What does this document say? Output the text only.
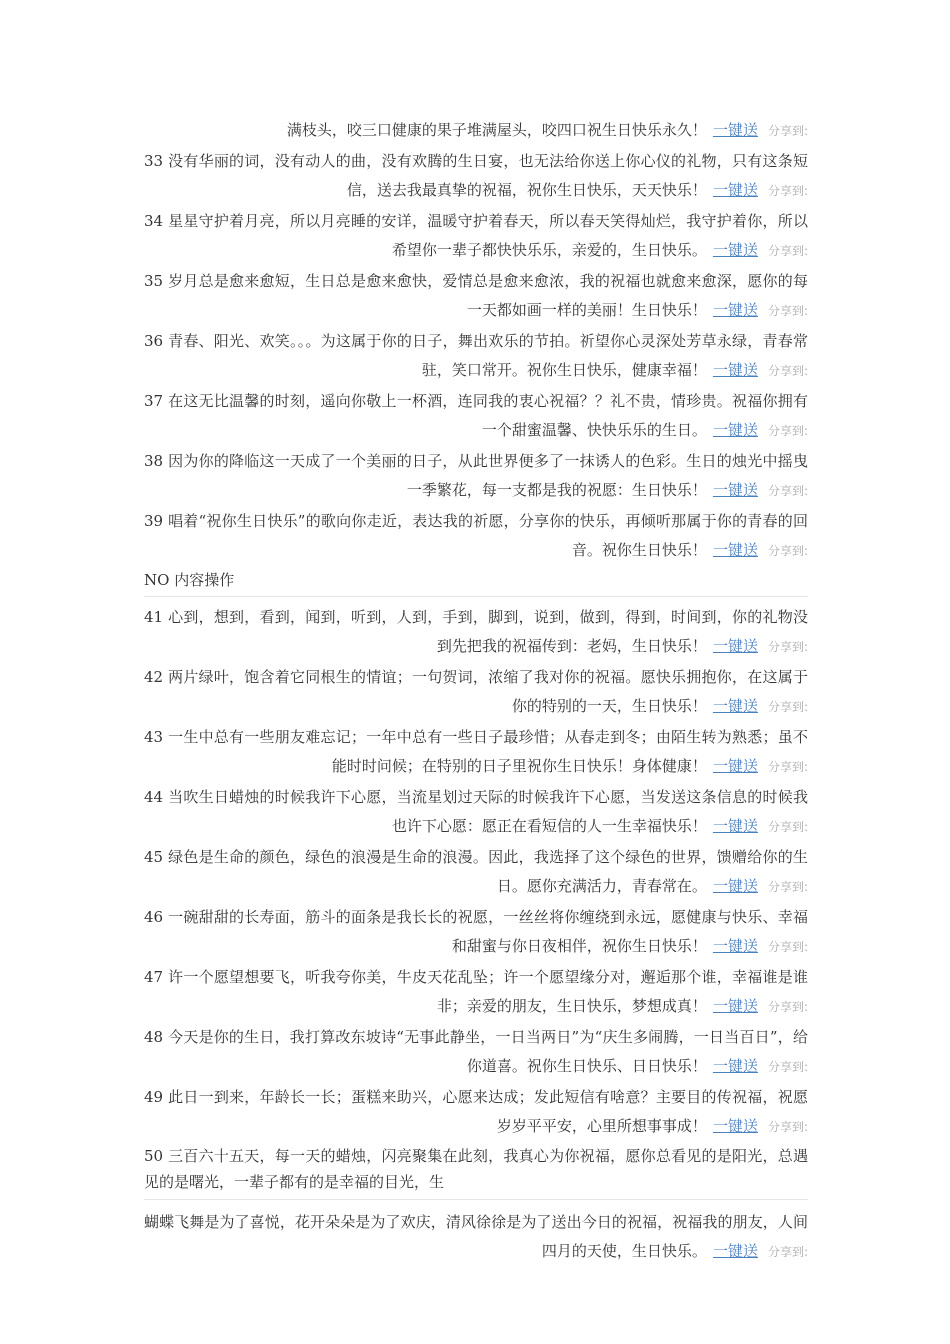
满枝头，咬三口健康的果子堆满屋头，咬四口祝生日快乐永久！ 一键送 分享到:
33 没有华丽的词，没有动人的曲，没有欢腾的生日宴，也无法给你送上你心仪的礼物，只有这条短信，送去我最真挚的祝福，祝你生日快乐，天天快乐！ 一键送 分享到:
34 星星守护着月亮，所以月亮睡的安详，温暖守护着春天，所以春天笑得灿烂，我守护着你，所以希望你一辈子都快快乐乐，亲爱的，生日快乐。 一键送 分享到:
35 岁月总是愈来愈短，生日总是愈来愈快，爱情总是愈来愈浓，我的祝福也就愈来愈深，愿你的每一天都如画一样的美丽！生日快乐！ 一键送 分享到:
36 青春、阳光、欢笑。。。为这属于你的日子，舞出欢乐的节拍。祈望你心灵深处芳草永绿，青春常驻，笑口常开。祝你生日快乐，健康幸福！ 一键送 分享到:
37 在这无比温馨的时刻，遥向你敬上一杯酒，连同我的衷心祝福？？礼不贵，情珍贵。祝福你拥有一个甜蜜温馨、快快乐乐的生日。 一键送 分享到:
38 因为你的降临这一天成了一个美丽的日子，从此世界便多了一抹诱人的色彩。生日的烛光中摇曳一季繁花，每一支都是我的祝愿：生日快乐！ 一键送 分享到:
39 唱着“祝你生日快乐”的歌向你走近，表达我的祈愿，分享你的快乐，再倾听那属于你的青春的回音。祝你生日快乐！ 一键送 分享到:
NO 内容操作
41 心到，想到，看到，闻到，听到，人到，手到，脚到，说到，做到，得到，时间到，你的礼物没到先把我的祝福传到：老妈，生日快乐！ 一键送 分享到:
42 两片绿叶，饱含着它同根生的情谊；一句贺词，浓缩了我对你的祝福。愿快乐拥抱你，在这属于你的特别的一天，生日快乐！ 一键送 分享到:
43 一生中总有一些朋友难忘记；一年中总有一些日子最珍惜；从春走到冬；由陌生转为熟悉；虽不能时时问候；在特别的日子里祝你生日快乐！身体健康！ 一键送 分享到:
44 当吹生日蜡烛的时候我许下心愿，当流星划过天际的时候我许下心愿，当发送这条信息的时候我也许下心愿：愿正在看短信的人一生幸福快乐！ 一键送 分享到:
45 绿色是生命的颜色，绿色的浪漫是生命的浪漫。因此，我选择了这个绿色的世界，馈赠给你的生日。愿你充满活力，青春常在。 一键送 分享到:
46 一碗甜甜的长寿面，筋斗的面条是我长长的祝愿，一丝丝将你缠绕到永远，愿健康与快乐、幸福和甜蜜与你日夜相伴，祝你生日快乐！ 一键送 分享到:
47 许一个愿望想要飞，听我夸你美，牛皮天花乱坠；许一个愿望缘分对，邂逅那个谁，幸福谁是谁非；亲爱的朋友，生日快乐，梦想成真！ 一键送 分享到:
48 今天是你的生日，我打算改东坡诗“无事此静坐，一日当两日”为“庆生多闹腾，一日当百日”，给你道喜。祝你生日快乐、日日快乐！ 一键送 分享到:
49 此日一到来，年龄长一长；蛋糕来助兴，心愿来达成；发此短信有啥意？主要目的传祝福，祝愿岁岁平平安，心里所想事事成！ 一键送 分享到:
50 三百六十五天，每一天的蜡烛，闪亮聚集在此刻，我真心为你祝福，愿你总看见的是阳光，总遇见的是曙光，一辈子都有的是幸福的目光，生
蝴蝶飞舞是为了喜悦，花开朵朵是为了欢庆，清风徐徐是为了送出今日的祝福，祝福我的朋友，人间四月的天使，生日快乐。 一键送 分享到:
